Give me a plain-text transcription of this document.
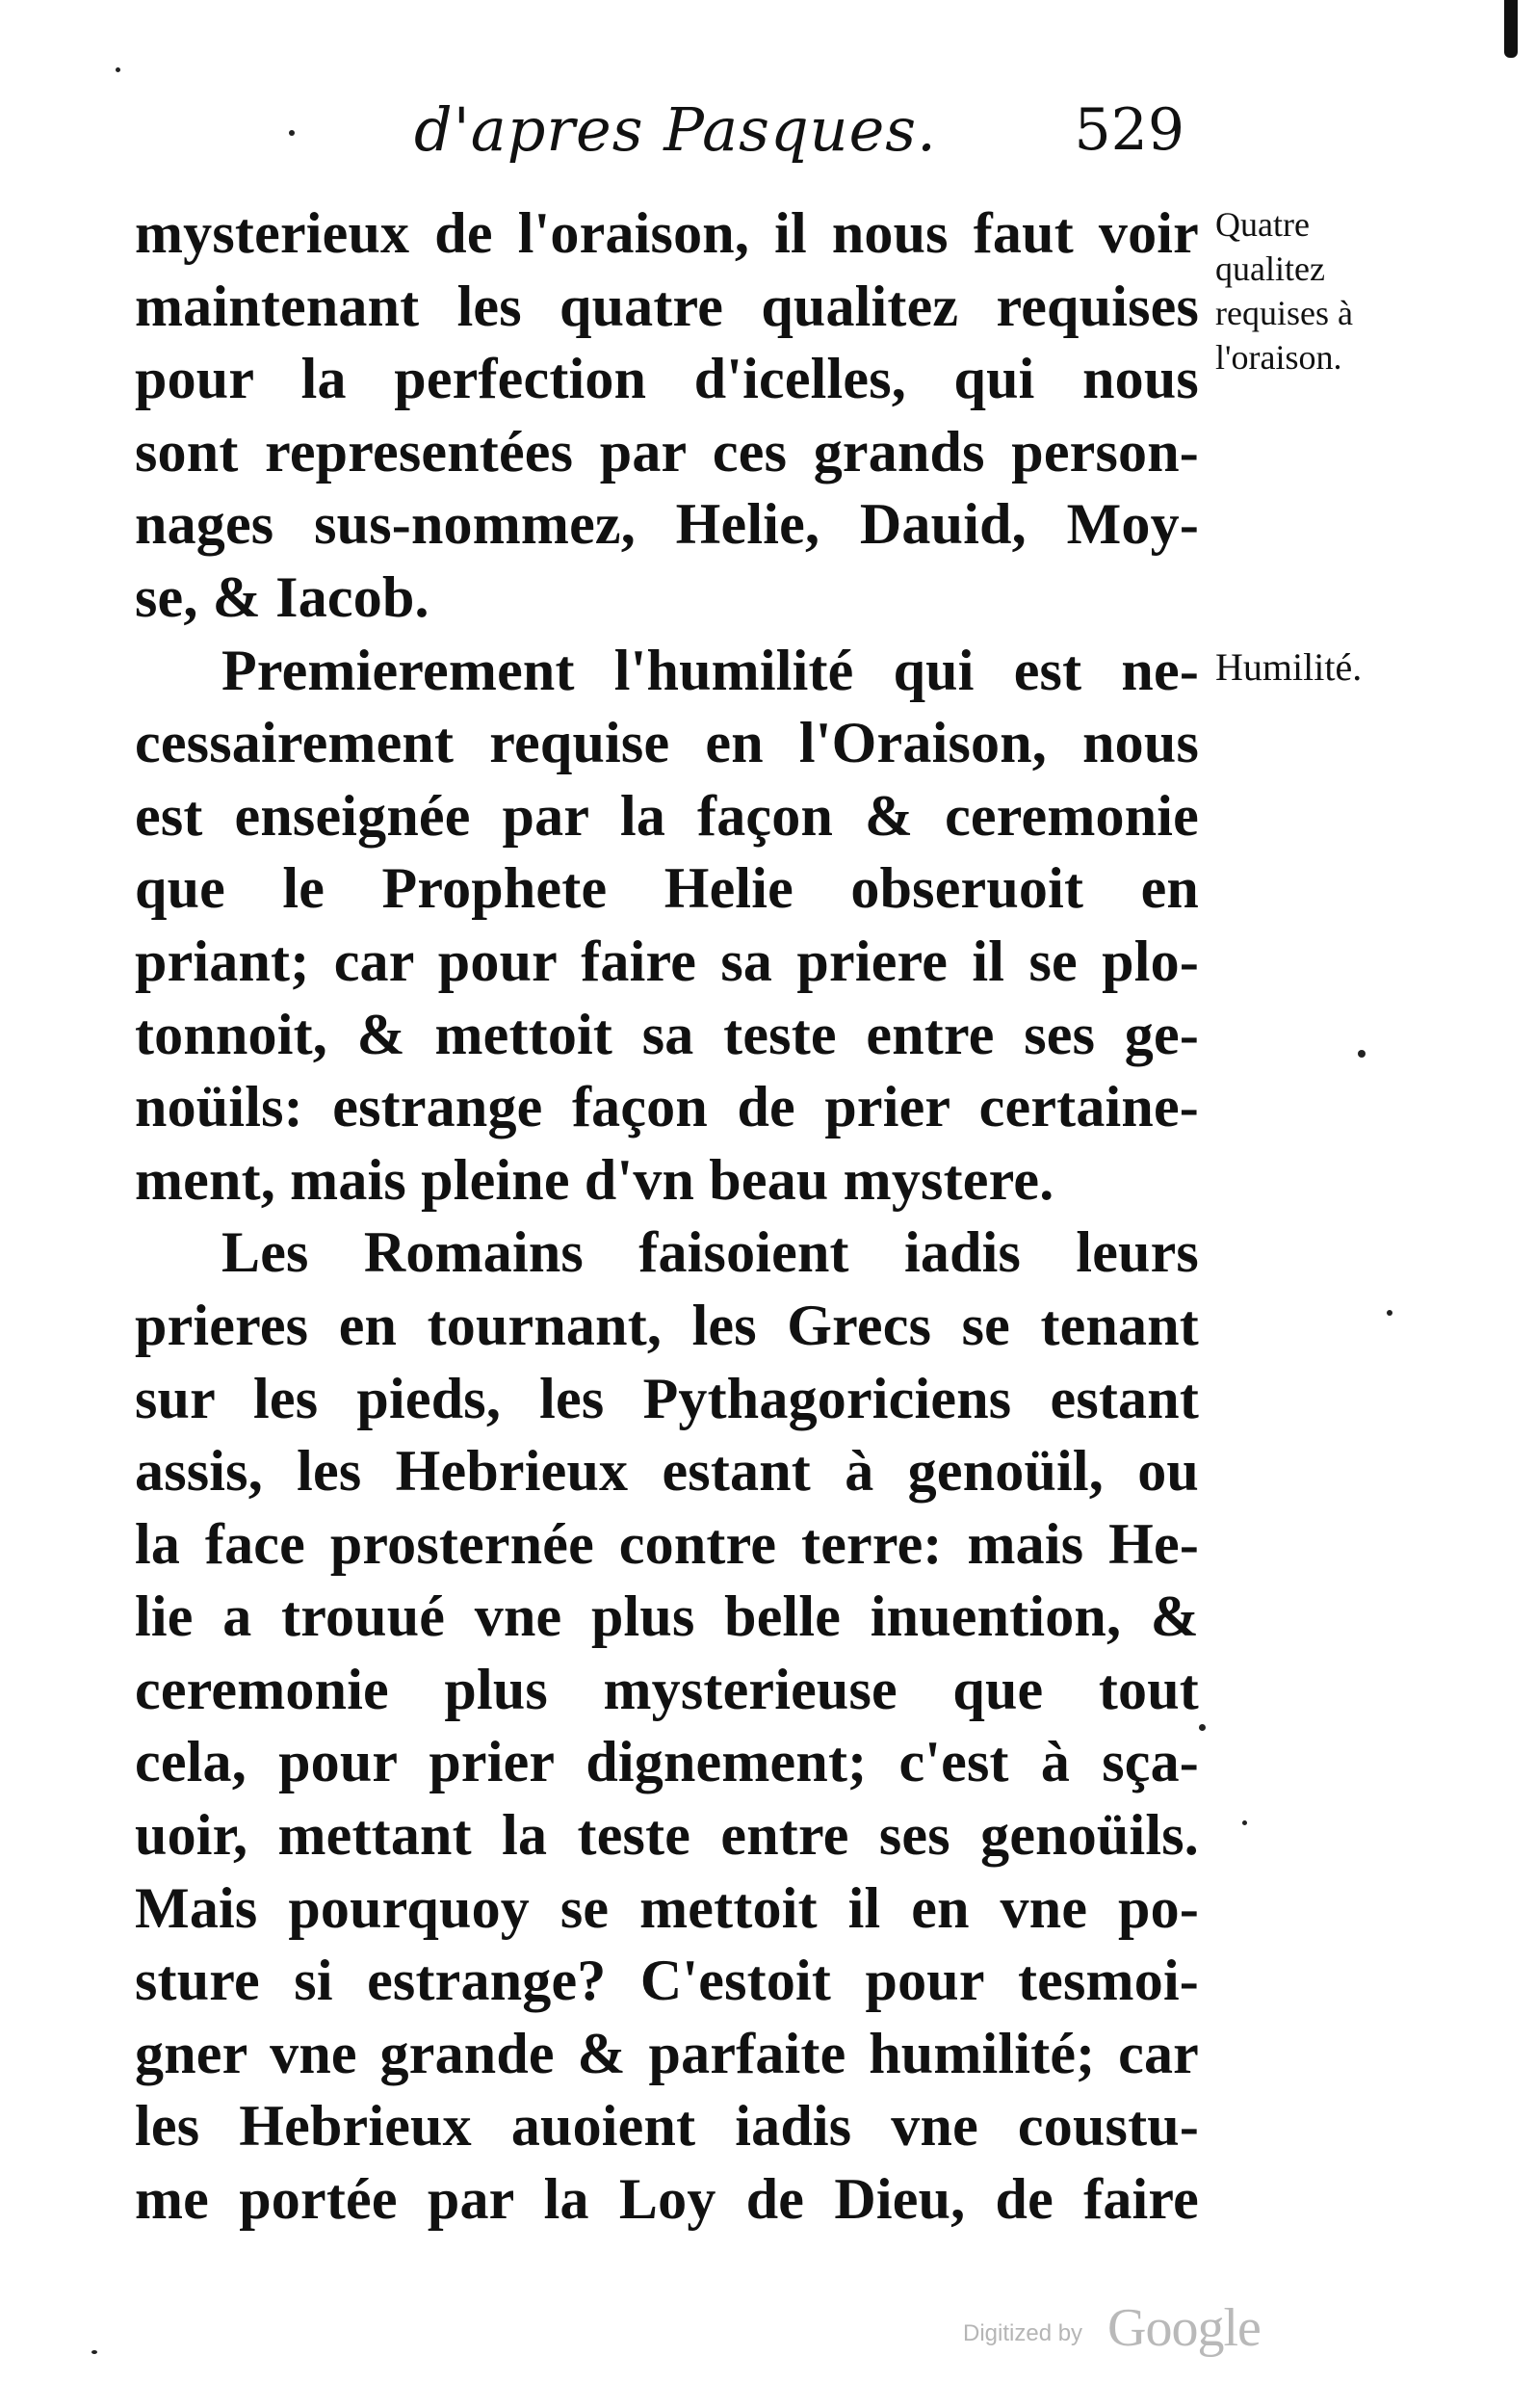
d'apres Pasques. 529
mysterieux de l'oraison, il nous faut voir
maintenant les quatre qualitez requises
pour la perfection d'icelles, qui nous
sont representées par ces grands person-
nages sus-nommez, Helie, Dauid, Moy-
se, & Iacob.
Premierement l'humilité qui est ne-
cessairement requise en l'Oraison, nous
est enseignée par la façon & ceremonie
que le Prophete Helie obseruoit en
priant; car pour faire sa priere il se plo-
tonnoit, & mettoit sa teste entre ses ge-
noüils: estrange façon de prier certaine-
ment, mais pleine d'vn beau mystere.
Les Romains faisoient iadis leurs
prieres en tournant, les Grecs se tenant
sur les pieds, les Pythagoriciens estant
assis, les Hebrieux estant à genoüil, ou
la face prosternée contre terre: mais He-
lie a trouué vne plus belle inuention, &
ceremonie plus mysterieuse que tout
cela, pour prier dignement; c'est à sça-
uoir, mettant la teste entre ses genoüils.
Mais pourquoy se mettoit il en vne po-
sture si estrange? C'estoit pour tesmoi-
gner vne grande & parfaite humilité; car
les Hebrieux auoient iadis vne coustu-
me portée par la Loy de Dieu, de faire
Quatre
qualitez
requises à
l'oraison.
Humilité.
Digitized by Google
